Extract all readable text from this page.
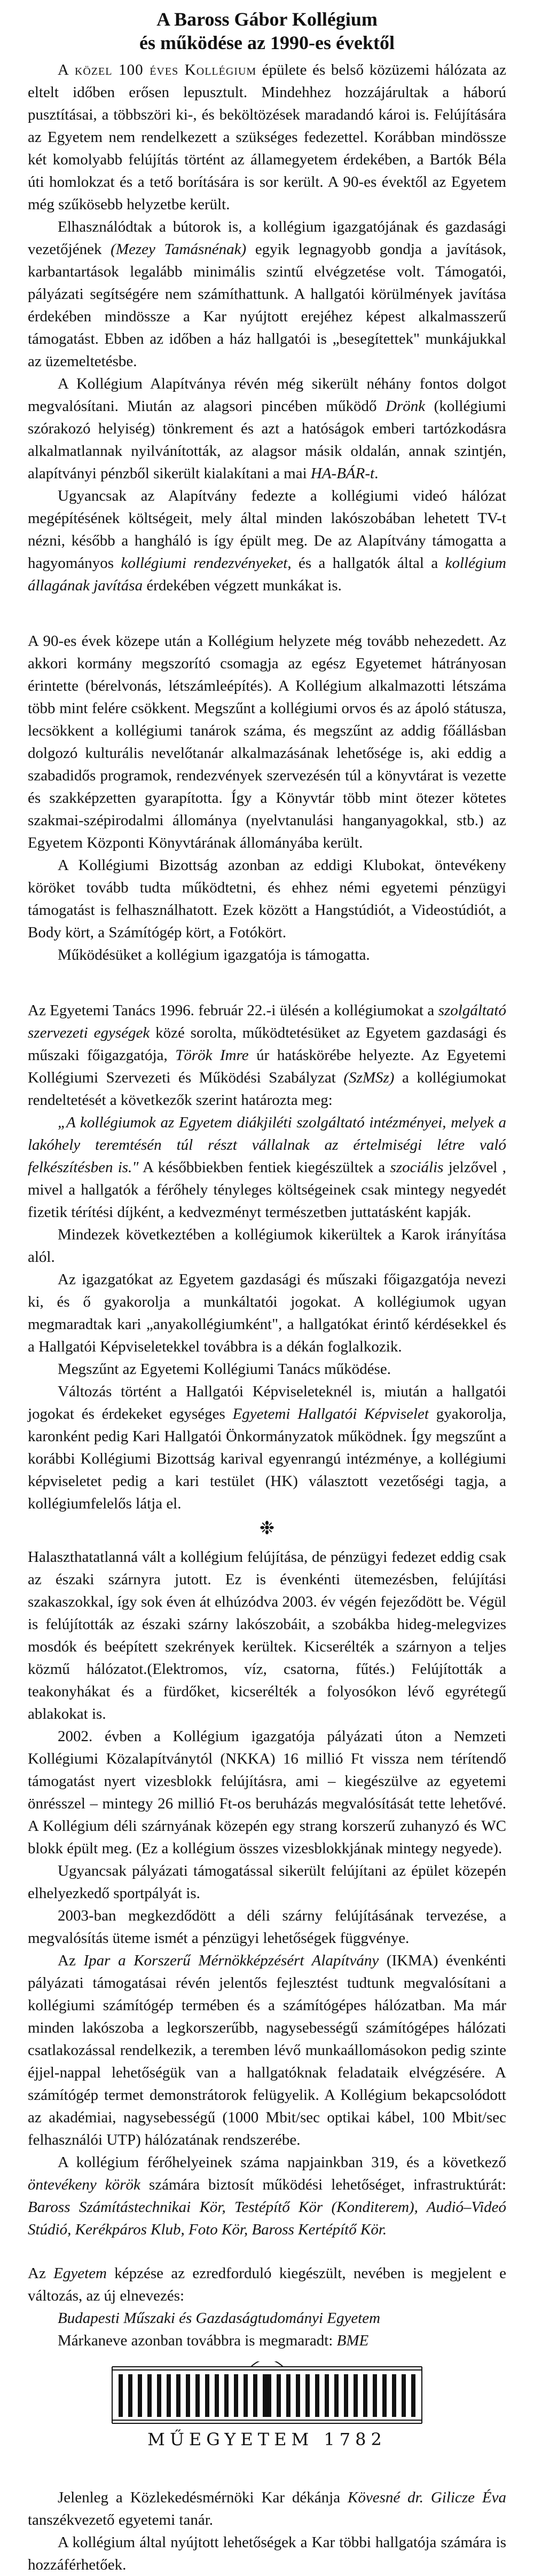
A Baross Gábor Kollégium
és működése az 1990-es évektől

A közel 100 éves Kollégium épülete és belső közüzemi hálózata az eltelt időben erősen lepusztult. Mindehhez hozzájárultak a háború pusztításai, a többszöri ki-, és beköltözések maradandó károi is. Felújítására az Egyetem nem rendelkezett a szükséges fedezettel. Korábban mindössze két komolyabb felújítás történt az államegyetem érdekében, a Bartók Béla úti homlokzat és a tető borítására is sor került. A 90-es évektől az Egyetem még szűkösebb helyzetbe került.

Elhasználódtak a bútorok is, a kollégium igazgatójának és gazdasági vezetőjének (Mezey Tamásnénak) egyik legnagyobb gondja a javítások, karbantartások legalább minimális szintű elvégzetése volt. Támogatói, pályázati segítségére nem számíthattunk. A hallgatói körülmények javítása érdekében mindössze a Kar nyújtott erejéhez képest alkalmasszerű támogatást. Ebben az időben a ház hallgatói is „besegítettek" munkájukkal az üzemeltetésbe.

A Kollégium Alapítványa révén még sikerült néhány fontos dolgot megvalósítani. Miután az alagsori pincében működő Drönk (kollégiumi szórakozó helyiség) tönkrement és azt a hatóságok emberi tartózkodásra alkalmatlannak nyilvánították, az alagsor másik oldalán, annak szintjén, alapítványi pénzből sikerült kialakítani a mai HA-BÁR-t.

Ugyancsak az Alapítvány fedezte a kollégiumi videó hálózat megépítésének költségeit, mely által minden lakószobában lehetett TV-t nézni, később a hangháló is így épült meg. De az Alapítvány támogatta a hagyományos kollégiumi rendezvényeket, és a hallgatók által a kollégium állagának javítása érdekében végzett munkákat is.

A 90-es évek közepe után a Kollégium helyzete még tovább nehezedett. Az akkori kormány megszorító csomagja az egész Egyetemet hátrányosan érintette (bérelvonás, létszámleépítés). A Kollégium alkalmazotti létszáma több mint felére csökkent. Megszűnt a kollégiumi orvos és az ápoló státusza, lecsökkent a kollégiumi tanárok száma, és megszűnt az addig főállásban dolgozó kulturális nevelőtanár alkalmazásának lehetősége is, aki eddig a szabadidős programok, rendezvények szervezésén túl a könyvtárat is vezette és szakképzetten gyarapította. Így a Könyvtár több mint ötezer kötetes szakmai-szépirodalmi állománya (nyelvtanulási hanganyagokkal, stb.) az Egyetem Központi Könyvtárának állományába került.

A Kollégiumi Bizottság azonban az eddigi Klubokat, öntevékeny köröket tovább tudta működtetni, és ehhez némi egyetemi pénzügyi támogatást is felhasználhatott. Ezek között a Hangstúdiót, a Videostúdiót, a Body kört, a Számítógép kört, a Fotókört.

Működésüket a kollégium igazgatója is támogatta.

Az Egyetemi Tanács 1996. február 22.-i ülésén a kollégiumokat a szolgáltató szervezeti egységek közé sorolta, működtetésüket az Egyetem gazdasági és műszaki főigazgatója, Török Imre úr hatáskörébe helyezte. Az Egyetemi Kollégiumi Szervezeti és Működési Szabályzat (SzMSz) a kollégiumokat rendeltetését a következők szerint határozta meg:

„A kollégiumok az Egyetem diákjiléti szolgáltató intézményei, melyek a lakóhely teremtésén túl részt vállalnak az értelmiségi létre való felkészítésben is." A későbbiekben fentiek kiegészültek a szociális jelzővel , mivel a hallgatók a férőhely tényleges költségeinek csak mintegy negyedét fizetik térítési díjként, a kedvezményt természetben juttatásként kapják.

Mindezek következtében a kollégiumok kikerültek a Karok irányítása alól.

Az igazgatókat az Egyetem gazdasági és műszaki főigazgatója nevezi ki, és ő gyakorolja a munkáltatói jogokat. A kollégiumok ugyan megmaradtak kari „anyakollégiumként", a hallgatókat érintő kérdésekkel és a Hallgatói Képviseletekkel továbbra is a dékán foglalkozik.

Megszűnt az Egyetemi Kollégiumi Tanács működése.

Változás történt a Hallgatói Képviseleteknél is, miután a hallgatói jogokat és érdekeket egységes Egyetemi Hallgatói Képviselet gyakorolja, karonként pedig Kari Hallgatói Önkormányzatok működnek. Így megszűnt a korábbi Kollégiumi Bizottság karival egyenrangú intézménye, a kollégiumi képviseletet pedig a kari testület (HK) választott vezetőségi tagja, a kollégiumfelelős látja el.

❉

Halaszthatatlanná vált a kollégium felújítása, de pénzügyi fedezet eddig csak az északi szárnyra jutott. Ez is évenkénti ütemezésben, felújítási szakaszokkal, így sok éven át elhúzódva 2003. év végén fejeződött be. Végül is felújították az északi szárny lakószobáit, a szobákba hideg-melegvizes mosdók és beépített szekrények kerültek. Kicserélték a szárnyon a teljes közmű hálózatot.(Elektromos, víz, csatorna, fűtés.) Felújították a teakonyhákat és a fürdőket, kicserélték a folyosókon lévő egyrétegű ablakokat is.

2002. évben a Kollégium igazgatója pályázati úton a Nemzeti Kollégiumi Közalapítványtól (NKKA) 16 millió Ft vissza nem térítendő támogatást nyert vizesblokk felújításra, ami – kiegészülve az egyetemi önrésszel – mintegy 26 millió Ft-os beruházás megvalósítását tette lehetővé. A Kollégium déli szárnyának közepén egy strang korszerű zuhanyzó és WC blokk épült meg. (Ez a kollégium összes vizesblokkjának mintegy negyede).

Ugyancsak pályázati támogatással sikerült felújítani az épület közepén elhelyezkedő sportpályát is.

2003-ban megkezdődött a déli szárny felújításának tervezése, a megvalósítás üteme ismét a pénzügyi lehetőségek függvénye.

Az Ipar a Korszerű Mérnökképzésért Alapítvány (IKMA) évenkénti pályázati támogatásai révén jelentős fejlesztést tudtunk megvalósítani a kollégiumi számítógép termében és a számítógépes hálózatban. Ma már minden lakószoba a legkorszerűbb, nagysebességű számítógépes hálózati csatlakozással rendelkezik, a teremben lévő munkaállomásokon pedig szinte éjjel-nappal lehetőségük van a hallgatóknak feladataik elvégzésére. A számítógép termet demonstrátorok felügyelik. A Kollégium bekapcsolódott az akadémiai, nagysebességű (1000 Mbit/sec optikai kábel, 100 Mbit/sec felhasználói UTP) hálózatának rendszerébe.

A kollégium férőhelyeinek száma napjainkban 319, és a következő öntevékeny körök számára biztosít működési lehetőséget, infrastruktúrát: Baross Számítástechnikai Kör, Testépítő Kör (Konditerem), Audió–Videó Stúdió, Kerékpáros Klub, Foto Kör, Baross Kertépítő Kör.

Az Egyetem képzése az ezredforduló kiegészült, nevében is megjelent e változás, az új elnevezés:

Budapesti Műszaki és Gazdaságtudományi Egyetem

Márkaneve azonban továbbra is megmaradt: BME

MŰEGYETEM 1782

Jelenleg a Közlekedésmérnöki Kar dékánja Kövesné dr. Gilicze Éva tanszékvezető egyetemi tanár.

A kollégium által nyújtott lehetőségek a Kar többi hallgatója számára is hozzáférhetőek.
